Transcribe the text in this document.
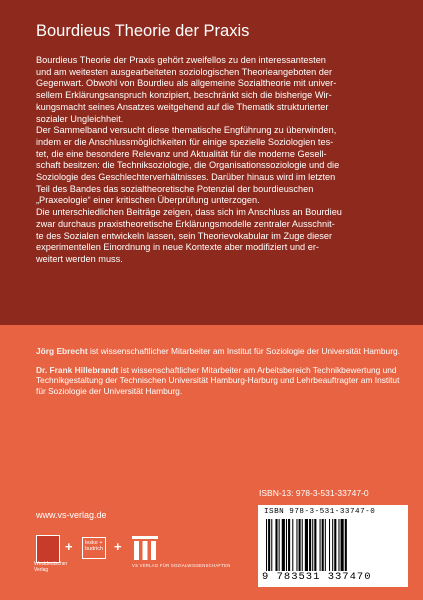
Bourdieus Theorie der Praxis

Bourdieus Theorie der Praxis gehört zweifellos zu den interessantesten

und am weitesten ausgearbeiteten soziologischen Theorieangeboten der

Gegenwart. Obwohl von Bourdieu als allgemeine Sozialtheorie mit univer-

sellem Erklärungsanspruch konzipiert, beschränkt sich die bisherige Wir-

kungsmacht seines Ansatzes weitgehend auf die Thematik strukturierter

sozialer Ungleichheit.

Der Sammelband versucht diese thematische Engführung zu überwinden,

indem er die Anschlussmöglichkeiten für einige spezielle Soziologien tes-

tet, die eine besondere Relevanz und Aktualität für die moderne Gesell-

schaft besitzen: die Techniksoziologie, die Organisationssoziologie und die

Soziologie des Geschlechterverhältnisses. Darüber hinaus wird im letzten

Teil des Bandes das sozialtheoretische Potenzial der bourdieuschen

„Praxeologie“ einer kritischen Überprüfung unterzogen.

Die unterschiedlichen Beiträge zeigen, dass sich im Anschluss an Bourdieu

zwar durchaus praxistheoretische Erklärungsmodelle zentraler Ausschnit-

te des Sozialen entwickeln lassen, sein Theorievokabular im Zuge dieser

experimentellen Einordnung in neue Kontexte aber modifiziert und er-

weitert werden muss.

Jörg Ebrecht ist wissenschaftlicher Mitarbeiter am Institut für Soziologie der Universität Hamburg.

Dr. Frank Hillebrandt ist wissenschaftlicher Mitarbeiter am Arbeitsbereich Technikbewertung und Technikgestaltung der Technischen Universität Hamburg-Harburg und Lehrbeauftragter am Institut für Soziologie der Universität Hamburg.

ISBN-13: 978-3-531-33747-0
ISBN 978-3-531-33747-0
9 783531 337470
www.vs-verlag.de
Westdeutscher Verlag
+	leske + budrich +
VS VERLAG FÜR SOZIALWISSENSCHAFTEN
